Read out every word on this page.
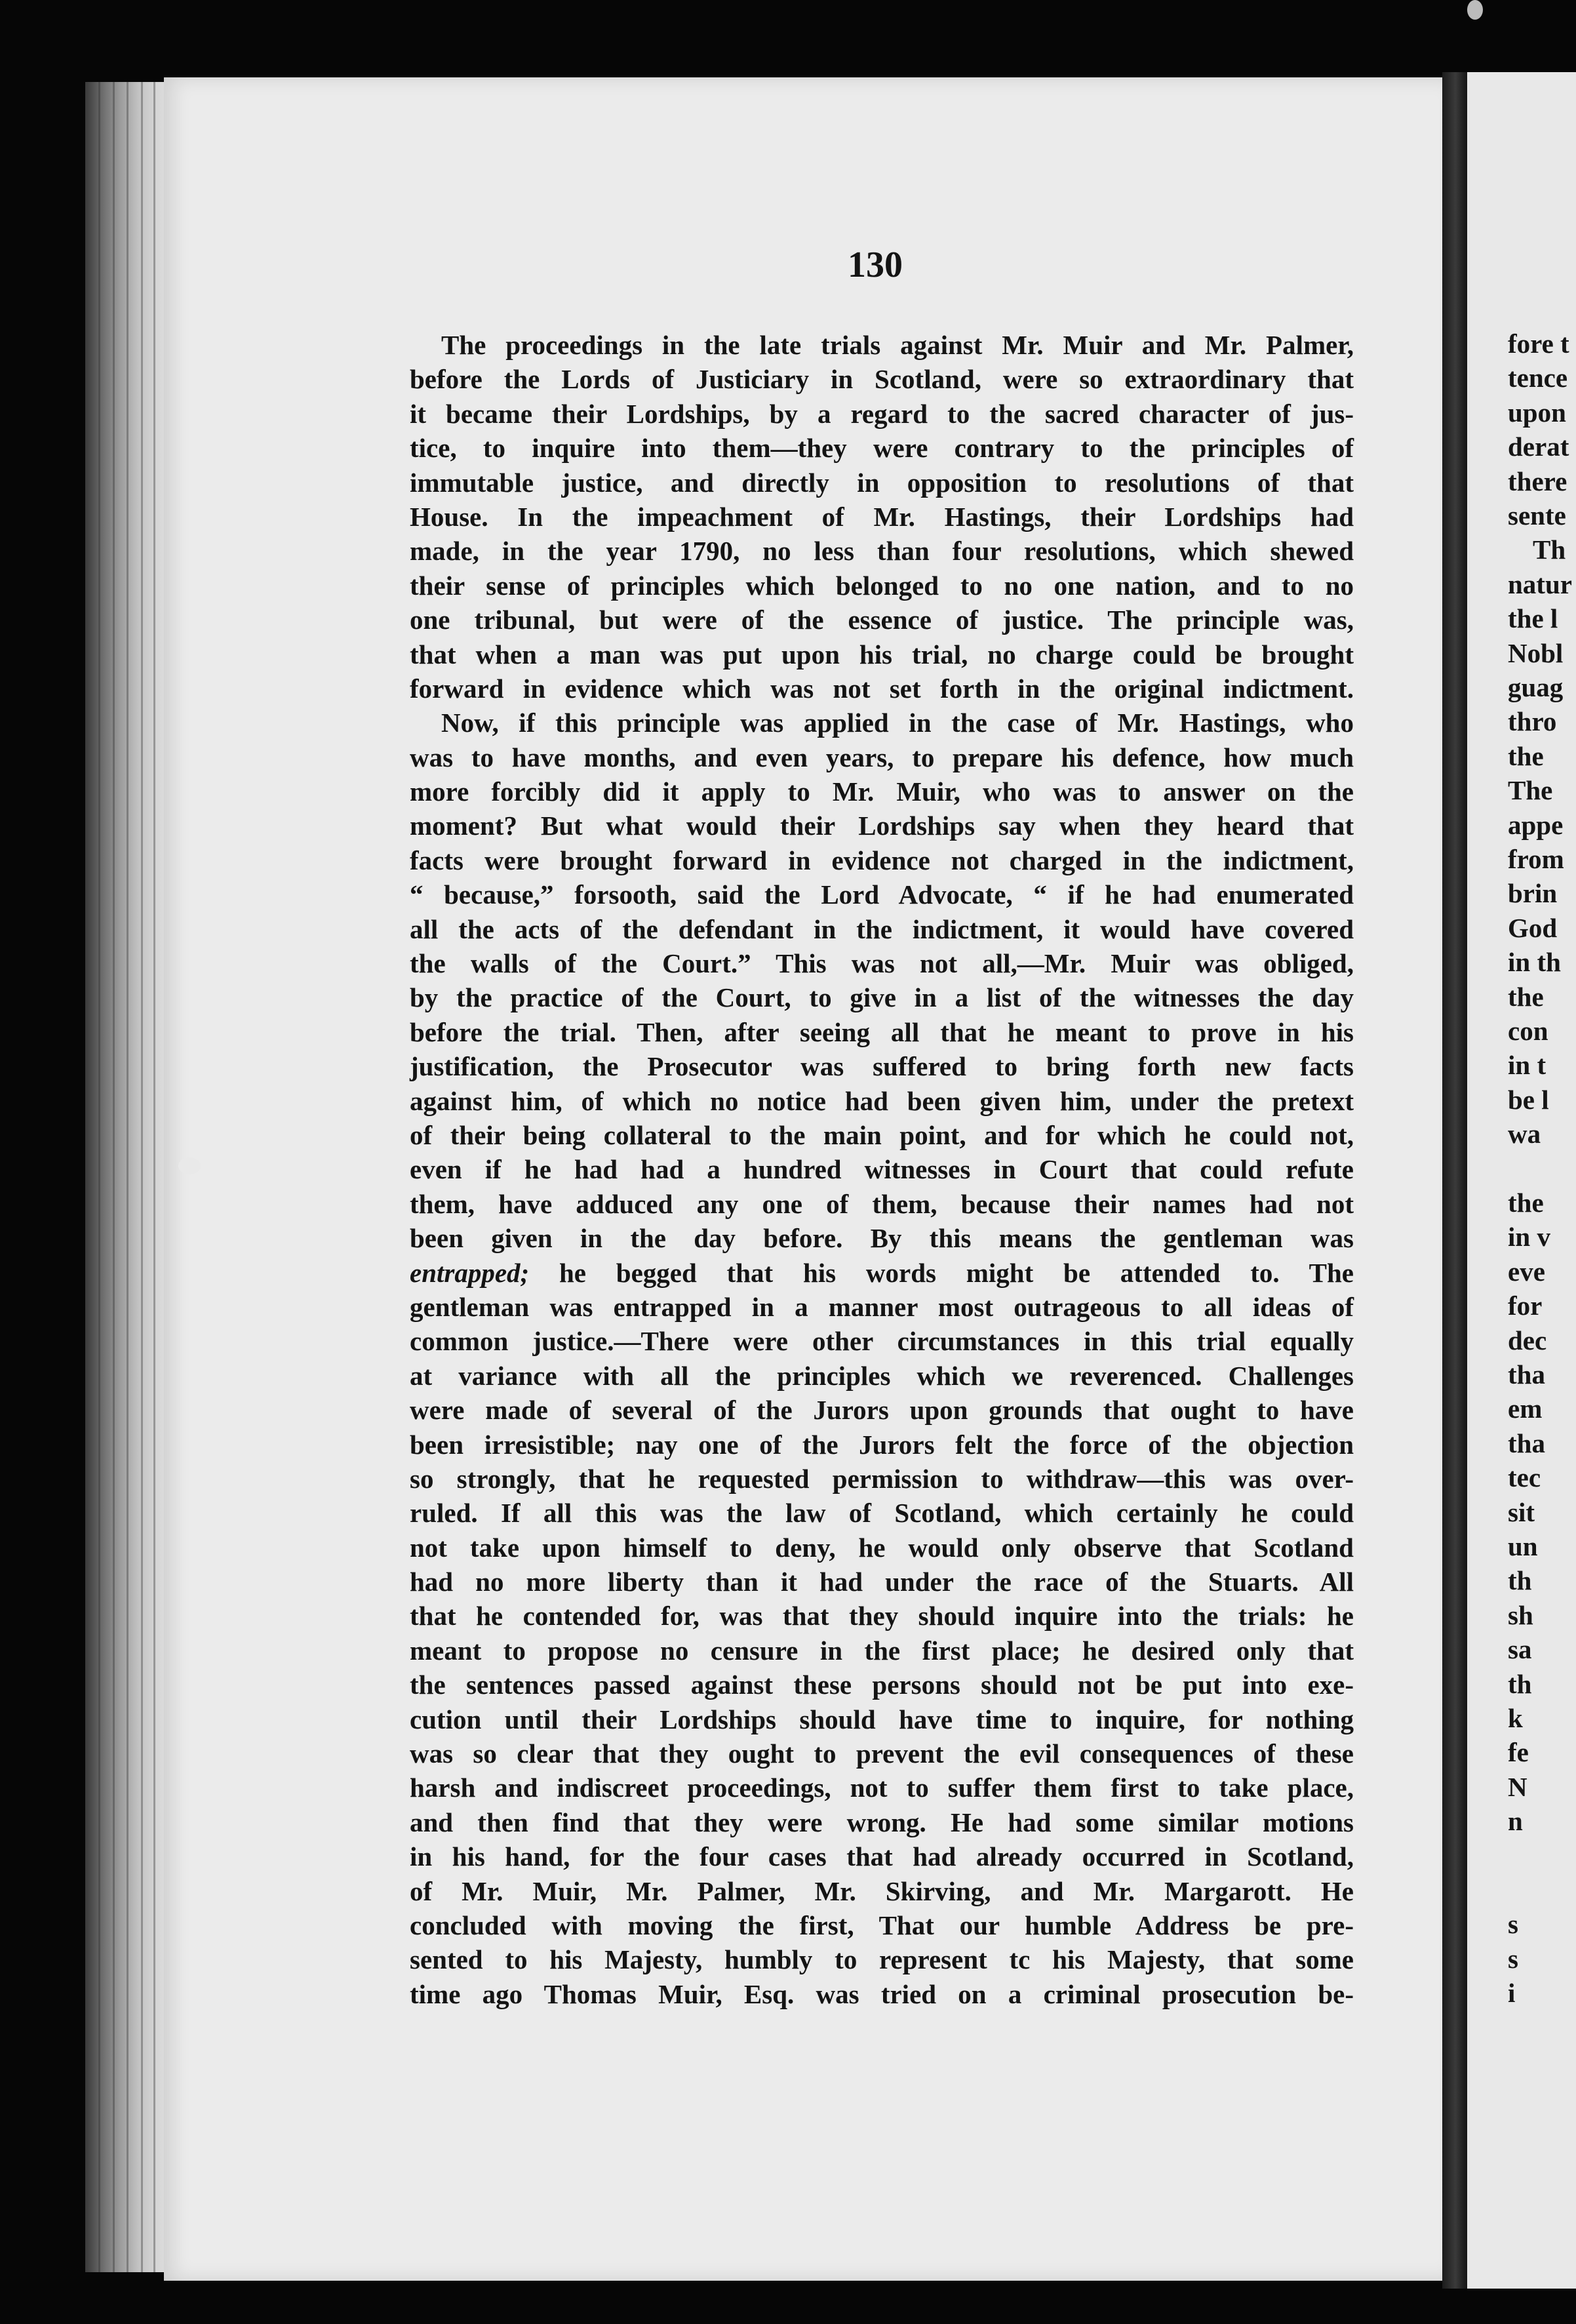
fore t
tence
upon
derat
there
sente
Th
natur
the l
Nobl
guag
thro
the
The
appe
from
brin
God
in th
the
con
in t
be l
wa
the
in v
eve
for
dec
tha
em
tha
tec
sit
un
th
sh
sa
th
k
fe
N
n
s
s
i
130
The proceedings in the late trials against Mr. Muir and Mr. Palmer,
before the Lords of Justiciary in Scotland, were so extraordinary that
it became their Lordships, by a regard to the sacred character of jus-
tice, to inquire into them—they were contrary to the principles of
immutable justice, and directly in opposition to resolutions of that
House. In the impeachment of Mr. Hastings, their Lordships had
made, in the year 1790, no less than four resolutions, which shewed
their sense of principles which belonged to no one nation, and to no
one tribunal, but were of the essence of justice. The principle was,
that when a man was put upon his trial, no charge could be brought
forward in evidence which was not set forth in the original indictment.
Now, if this principle was applied in the case of Mr. Hastings, who
was to have months, and even years, to prepare his defence, how much
more forcibly did it apply to Mr. Muir, who was to answer on the
moment? But what would their Lordships say when they heard that
facts were brought forward in evidence not charged in the indictment,
“ because,” forsooth, said the Lord Advocate, “ if he had enumerated
all the acts of the defendant in the indictment, it would have covered
the walls of the Court.” This was not all,—Mr. Muir was obliged,
by the practice of the Court, to give in a list of the witnesses the day
before the trial. Then, after seeing all that he meant to prove in his
justification, the Prosecutor was suffered to bring forth new facts
against him, of which no notice had been given him, under the pretext
of their being collateral to the main point, and for which he could not,
even if he had had a hundred witnesses in Court that could refute
them, have adduced any one of them, because their names had not
been given in the day before. By this means the gentleman was
entrapped; he begged that his words might be attended to. The
gentleman was entrapped in a manner most outrageous to all ideas of
common justice.—There were other circumstances in this trial equally
at variance with all the principles which we reverenced. Challenges
were made of several of the Jurors upon grounds that ought to have
been irresistible; nay one of the Jurors felt the force of the objection
so strongly, that he requested permission to withdraw—this was over-
ruled. If all this was the law of Scotland, which certainly he could
not take upon himself to deny, he would only observe that Scotland
had no more liberty than it had under the race of the Stuarts. All
that he contended for, was that they should inquire into the trials: he
meant to propose no censure in the first place; he desired only that
the sentences passed against these persons should not be put into exe-
cution until their Lordships should have time to inquire, for nothing
was so clear that they ought to prevent the evil consequences of these
harsh and indiscreet proceedings, not to suffer them first to take place,
and then find that they were wrong. He had some similar motions
in his hand, for the four cases that had already occurred in Scotland,
of Mr. Muir, Mr. Palmer, Mr. Skirving, and Mr. Margarott. He
concluded with moving the first, That our humble Address be pre-
sented to his Majesty, humbly to represent tc his Majesty, that some
time ago Thomas Muir, Esq. was tried on a criminal prosecution be-
